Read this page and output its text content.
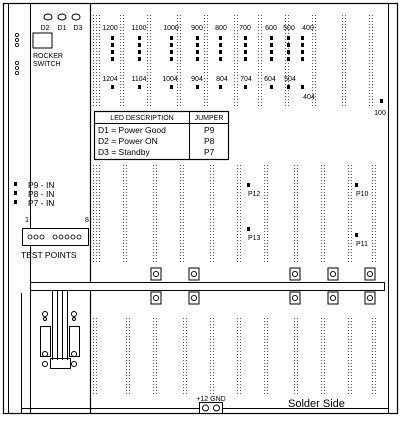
D1
D2	D3
ROCKER
SWITCH
1200 1100 1000 900 800 700 600 500 400
1204 1104 1004 904 804 704 604 504
404
100
LED DESCRIPTION	JUMPER
D1 = Power Good	P9
D2 = Power ON	P8
D3 = Standby	P7
P12
P13
P10
P11
P9 - IN
P8 - IN
P7 - IN
1	8
TEST POINTS
+12 GND	Solder Side
